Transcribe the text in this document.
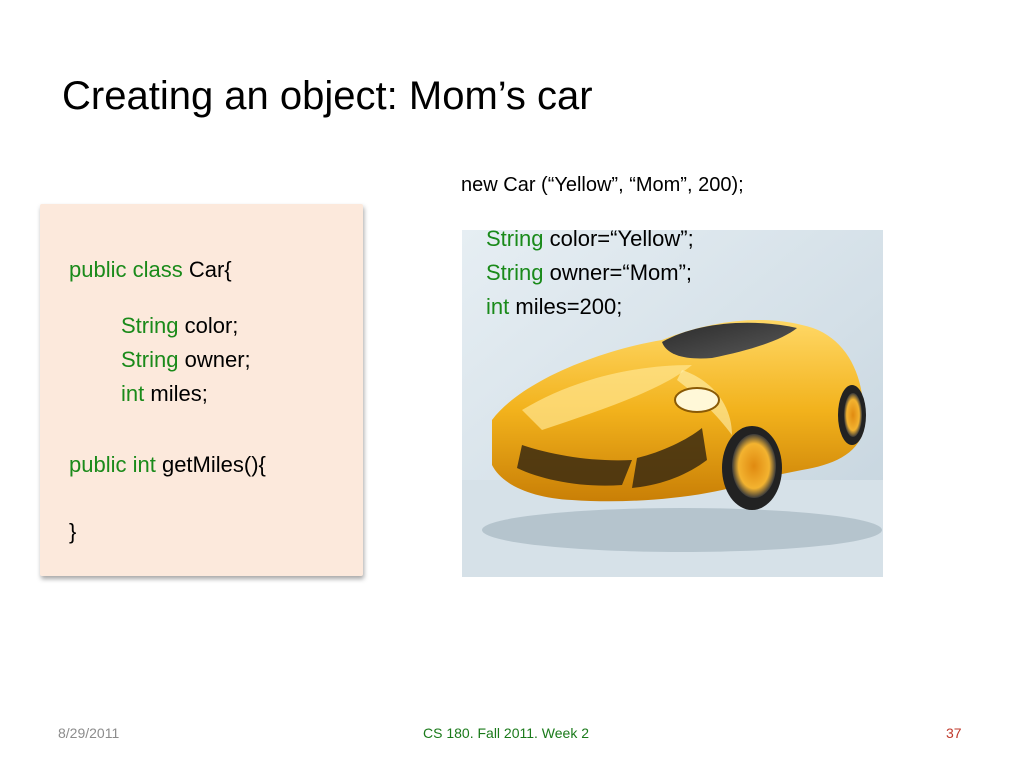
Creating an object: Mom’s car
public class Car{
String color;
String owner;
int miles;
public int getMiles(){
}
new Car (“Yellow”, “Mom”, 200);
String color=“Yellow”;
String owner=“Mom”;
int miles=200;
8/29/2011	CS 180. Fall 2011. Week 2	37
